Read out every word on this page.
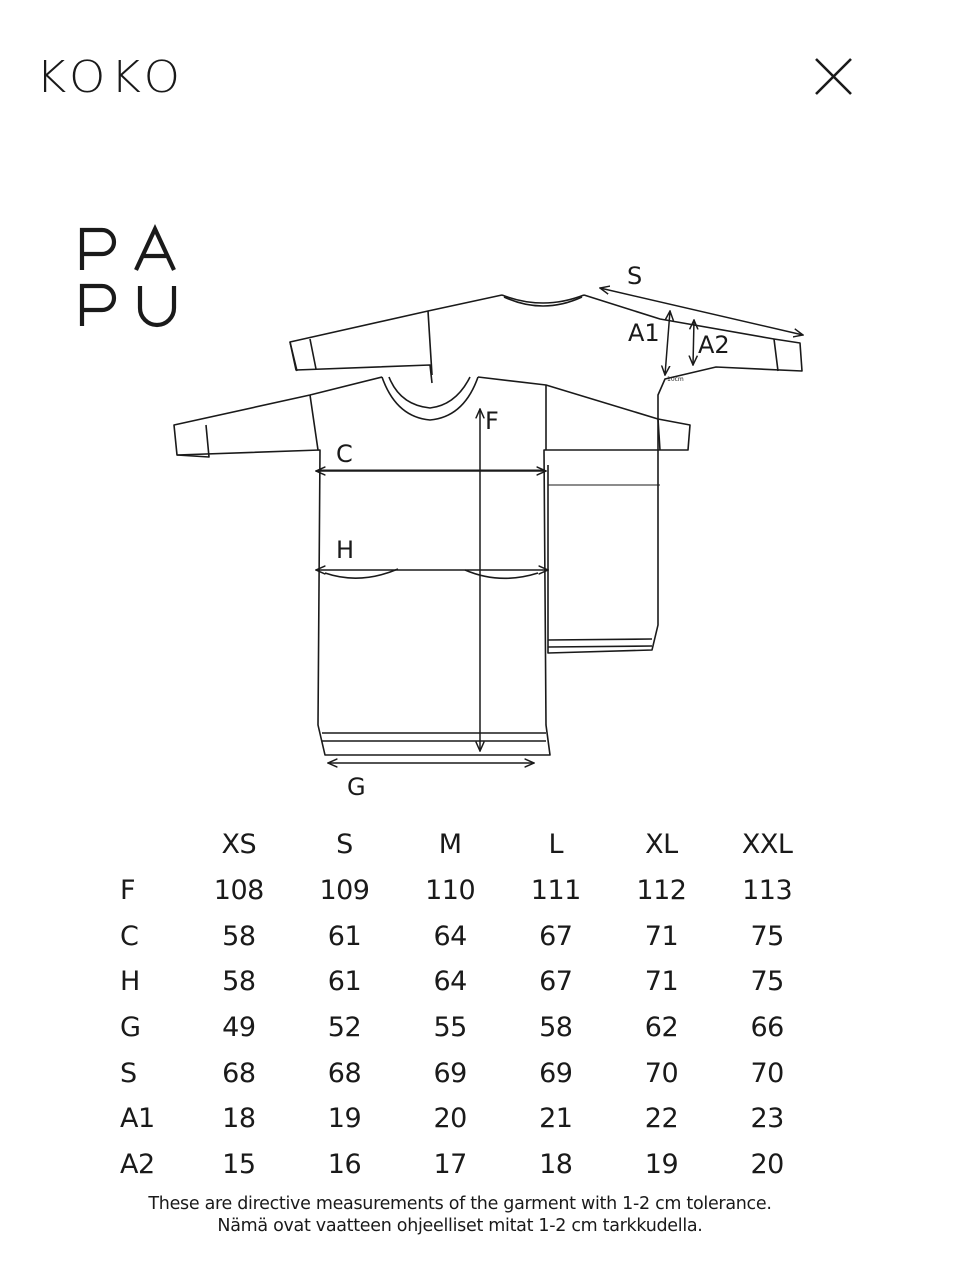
KOKO
S
A1 A2
F
C
H
G
10cm
	XS	S	M	L	XL	XXL
F	108	109	110	111	112	113
C	58	61	64	67	71	75
H	58	61	64	67	71	75
G	49	52	55	58	62	66
S	68	68	69	69	70	70
A1	18	19	20	21	22	23
A2	15	16	17	18	19	20
These are directive measurements of the garment with 1-2 cm tolerance.
Nämä ovat vaatteen ohjeelliset mitat 1-2 cm tarkkudella.
